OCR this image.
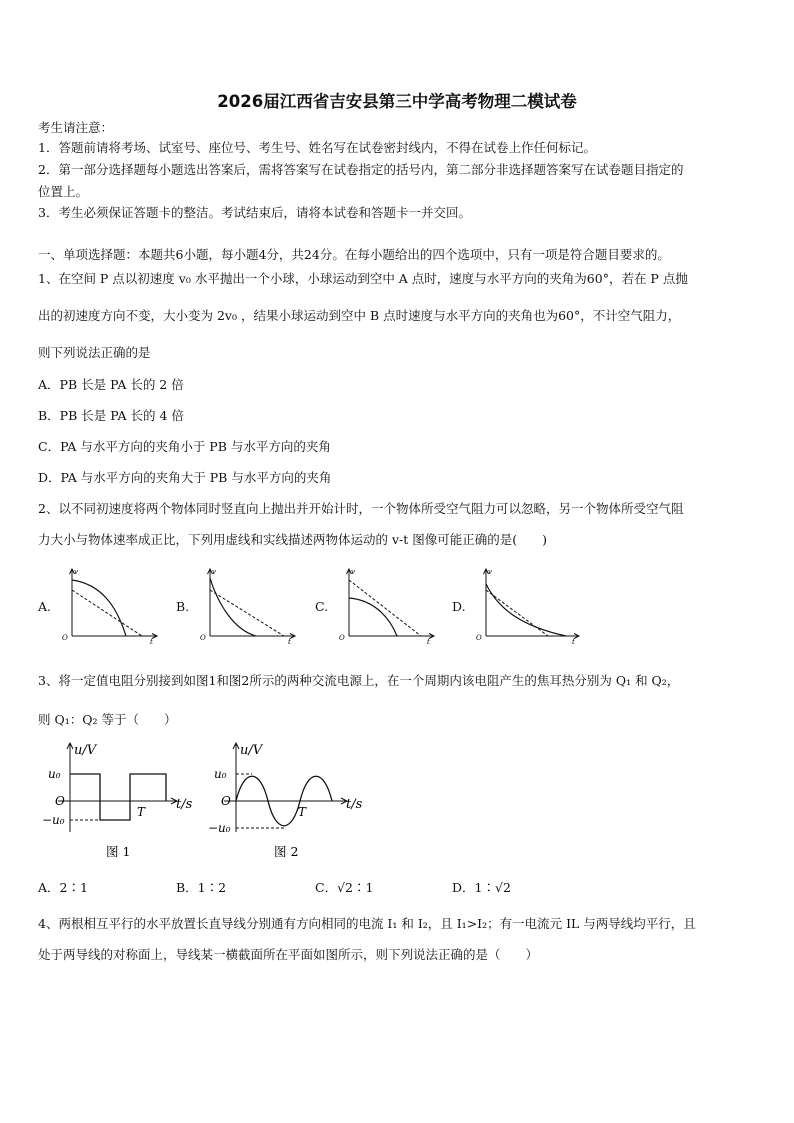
2026届江西省吉安县第三中学高考物理二模试卷
考生请注意：
1．答题前请将考场、试室号、座位号、考生号、姓名写在试卷密封线内，不得在试卷上作任何标记。
2．第一部分选择题每小题选出答案后，需将答案写在试卷指定的括号内，第二部分非选择题答案写在试卷题目指定的
位置上。
3．考生必须保证答题卡的整洁。考试结束后，请将本试卷和答题卡一并交回。
一、单项选择题：本题共6小题，每小题4分，共24分。在每小题给出的四个选项中，只有一项是符合题目要求的。
1、在空间 P 点以初速度 v₀ 水平抛出一个小球，小球运动到空中 A 点时，速度与水平方向的夹角为60°，若在 P 点抛
出的初速度方向不变，大小变为 2v₀ ，结果小球运动到空中 B 点时速度与水平方向的夹角也为60°，不计空气阻力，
则下列说法正确的是
A．PB 长是 PA 长的 2 倍
B．PB 长是 PA 长的 4 倍
C．PA 与水平方向的夹角小于 PB 与水平方向的夹角
D．PA 与水平方向的夹角大于 PB 与水平方向的夹角
2、以不同初速度将两个物体同时竖直向上抛出并开始计时，一个物体所受空气阻力可以忽略，另一个物体所受空气阻
力大小与物体速率成正比，下列用虚线和实线描述两物体运动的 v-t 图像可能正确的是(　　)
A.	B.	C.	D.
v
t
O
v
t
O
v
t
O
v
t
O
3、将一定值电阻分别接到如图1和图2所示的两种交流电源上，在一个周期内该电阻产生的焦耳热分别为 Q₁ 和 Q₂，
则 Q₁：Q₂ 等于（　　）
u/V
u₀
−u₀
O
T t/s
图 1
u/V
u₀
−u₀
O
T	t/s
图 2
A．2∶1	B．1∶2	C．√2∶1	D．1∶√2
4、两根相互平行的水平放置长直导线分别通有方向相同的电流 I₁ 和 I₂，且 I₁>I₂；有一电流元 IL 与两导线均平行，且
处于两导线的对称面上，导线某一横截面所在平面如图所示，则下列说法正确的是（　　）
